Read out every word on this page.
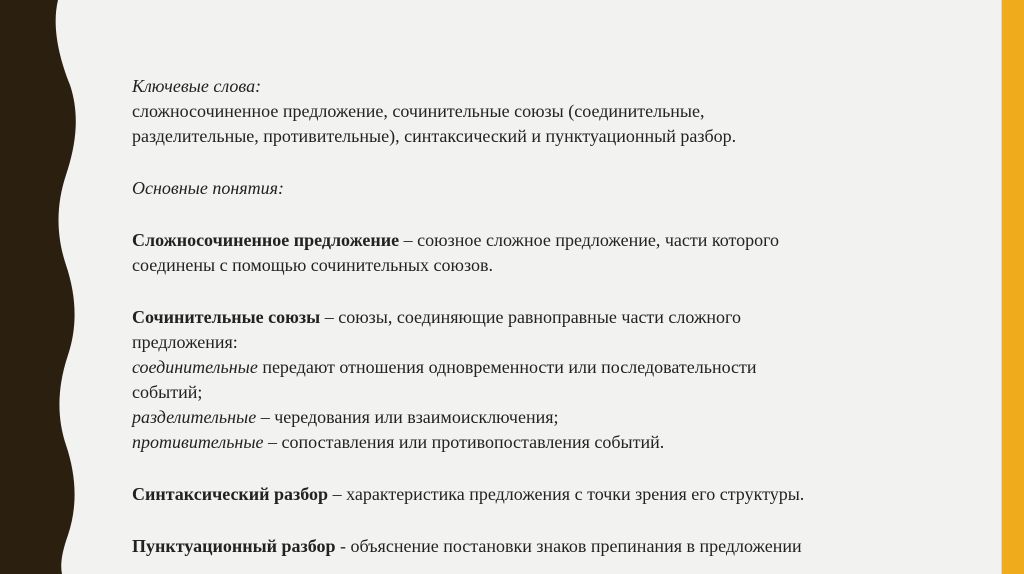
Ключевые слова:

сложносочиненное предложение, сочинительные союзы (соединительные,

разделительные, противительные), синтаксический и пунктуационный разбор.

Основные понятия:

Сложносочиненное предложение – союзное сложное предложение, части которого

соединены с помощью сочинительных союзов.

Сочинительные союзы – союзы, соединяющие равноправные части сложного

предложения:

соединительные передают отношения одновременности или последовательности

событий;

разделительные – чередования или взаимоисключения;

противительные – сопоставления или противопоставления событий.

Синтаксический разбор – характеристика предложения с точки зрения его структуры.

Пунктуационный разбор - объяснение постановки знаков препинания в предложении
